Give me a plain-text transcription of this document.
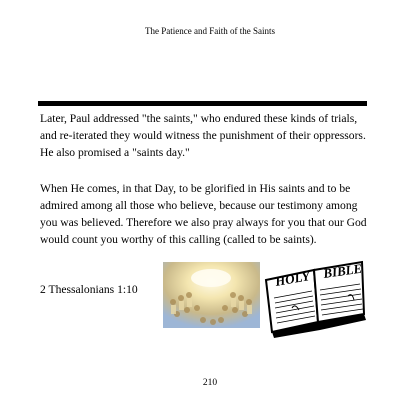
The Patience and Faith of the Saints

Later, Paul addressed "the saints," who endured these kinds of trials, and re-iterated they would witness the punishment of their oppressors. He also promised a "saints day."

When He comes, in that Day, to be glorified in His saints and to be admired among all those who believe, because our testimony among you was believed. Therefore we also pray always for you that our God would count you worthy of this calling (called to be saints).

2 Thessalonians 1:10
HOLY BIBLE
210
